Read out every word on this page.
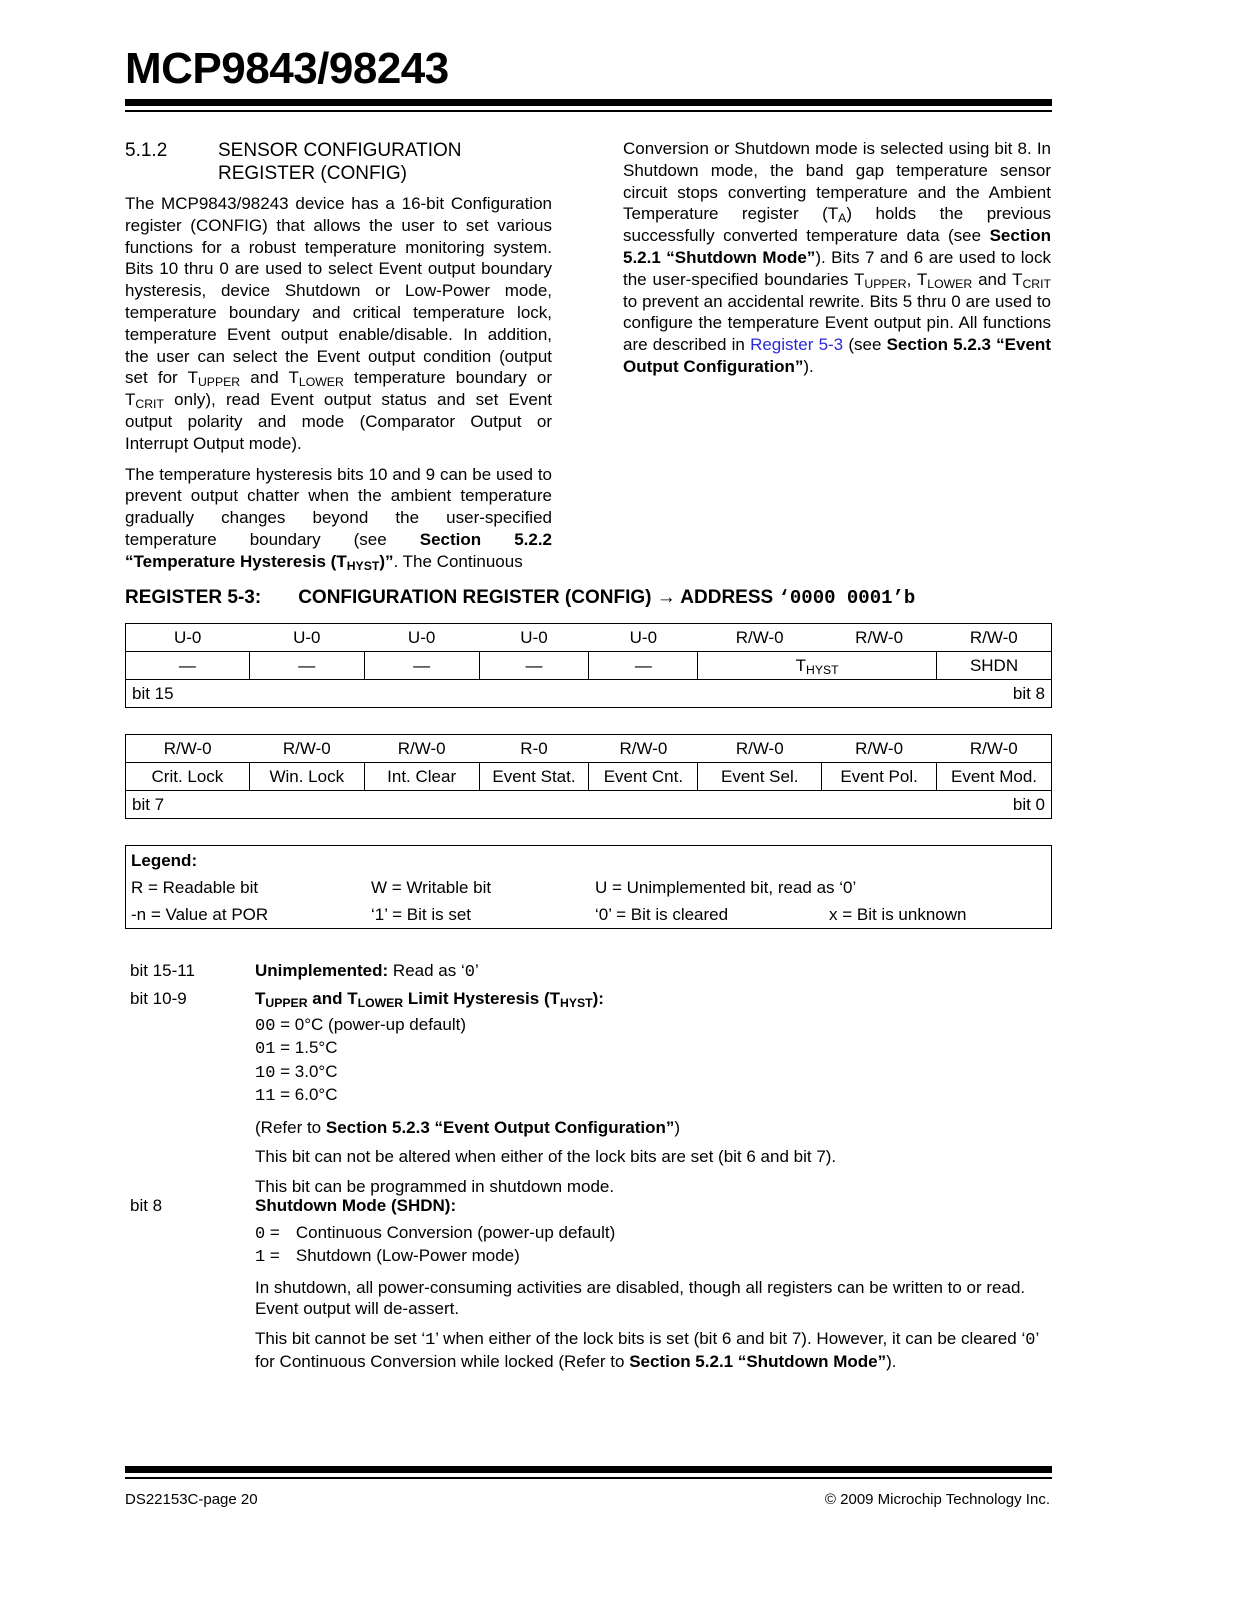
MCP9843/98243
5.1.2	SENSOR CONFIGURATION
REGISTER (CONFIG)

The MCP9843/98243 device has a 16-bit Configuration register (CONFIG) that allows the user to set various functions for a robust temperature monitoring system. Bits 10 thru 0 are used to select Event output boundary hysteresis, device Shutdown or Low-Power mode, temperature boundary and critical temperature lock, temperature Event output enable/disable. In addition, the user can select the Event output condition (output set for $T_{UPPER}$ and $T_{LOWER}$ temperature boundary or $T_{CRIT}$ only), read Event output status and set Event output polarity and mode (Comparator Output or Interrupt Output mode).

The temperature hysteresis bits 10 and 9 can be used to prevent output chatter when the ambient temperature gradually changes beyond the user-specified temperature boundary (see Section 5.2.2 “Temperature Hysteresis $(T_{HYST})$”. The Continuous

Conversion or Shutdown mode is selected using bit 8. In Shutdown mode, the band gap temperature sensor circuit stops converting temperature and the Ambient Temperature register $(T_A)$ holds the previous successfully converted temperature data (see Section 5.2.1 “Shutdown Mode”). Bits 7 and 6 are used to lock the user-specified boundaries $T_{UPPER}$, $T_{LOWER}$ and $T_{CRIT}$ to prevent an accidental rewrite. Bits 5 thru 0 are used to configure the temperature Event output pin. All functions are described in Register 5-3 (see Section 5.2.3 “Event Output Configuration”).

REGISTER 5-3: CONFIGURATION REGISTER (CONFIG) → ADDRESS ‘0000 0001’b
U-0	U-0	U-0	U-0	U-0	R/W-0	R/W-0	R/W-0
—	—	—	—	—	$T_{HYST}$		SHDN
bit 15				bit 8			
R/W-0	R/W-0	R/W-0	R-0	R/W-0	R/W-0	R/W-0	R/W-0
Crit. Lock	Win. Lock	Int. Clear	Event Stat.	Event Cnt.	Event Sel.	Event Pol.	Event Mod.
bit 7				bit 0			
Legend:
R = Readable bit	W = Writable bit	U = Unimplemented bit, read as ‘0’
-n = Value at POR	‘1’ = Bit is set	‘0’ = Bit is cleared	x = Bit is unknown
bit 15-11	Unimplemented: Read as ‘0’
bit 10-9	$T_{UPPER}$ and $T_{LOWER}$ Limit Hysteresis $(T_{HYST})$:
00 = 0°C (power-up default)
01 = 1.5°C
10 = 3.0°C
11 = 6.0°C
(Refer to Section 5.2.3 “Event Output Configuration”)
This bit can not be altered when either of the lock bits are set (bit 6 and bit 7).
This bit can be programmed in shutdown mode.
bit 8	Shutdown Mode (SHDN):
0 = Continuous Conversion (power-up default)
1 = Shutdown (Low-Power mode)
In shutdown, all power-consuming activities are disabled, though all registers can be written to or read. Event output will de-assert.
This bit cannot be set ‘1’ when either of the lock bits is set (bit 6 and bit 7). However, it can be cleared ‘0’ for Continuous Conversion while locked (Refer to Section 5.2.1 “Shutdown Mode”).
DS22153C-page 20	© 2009 Microchip Technology Inc.
